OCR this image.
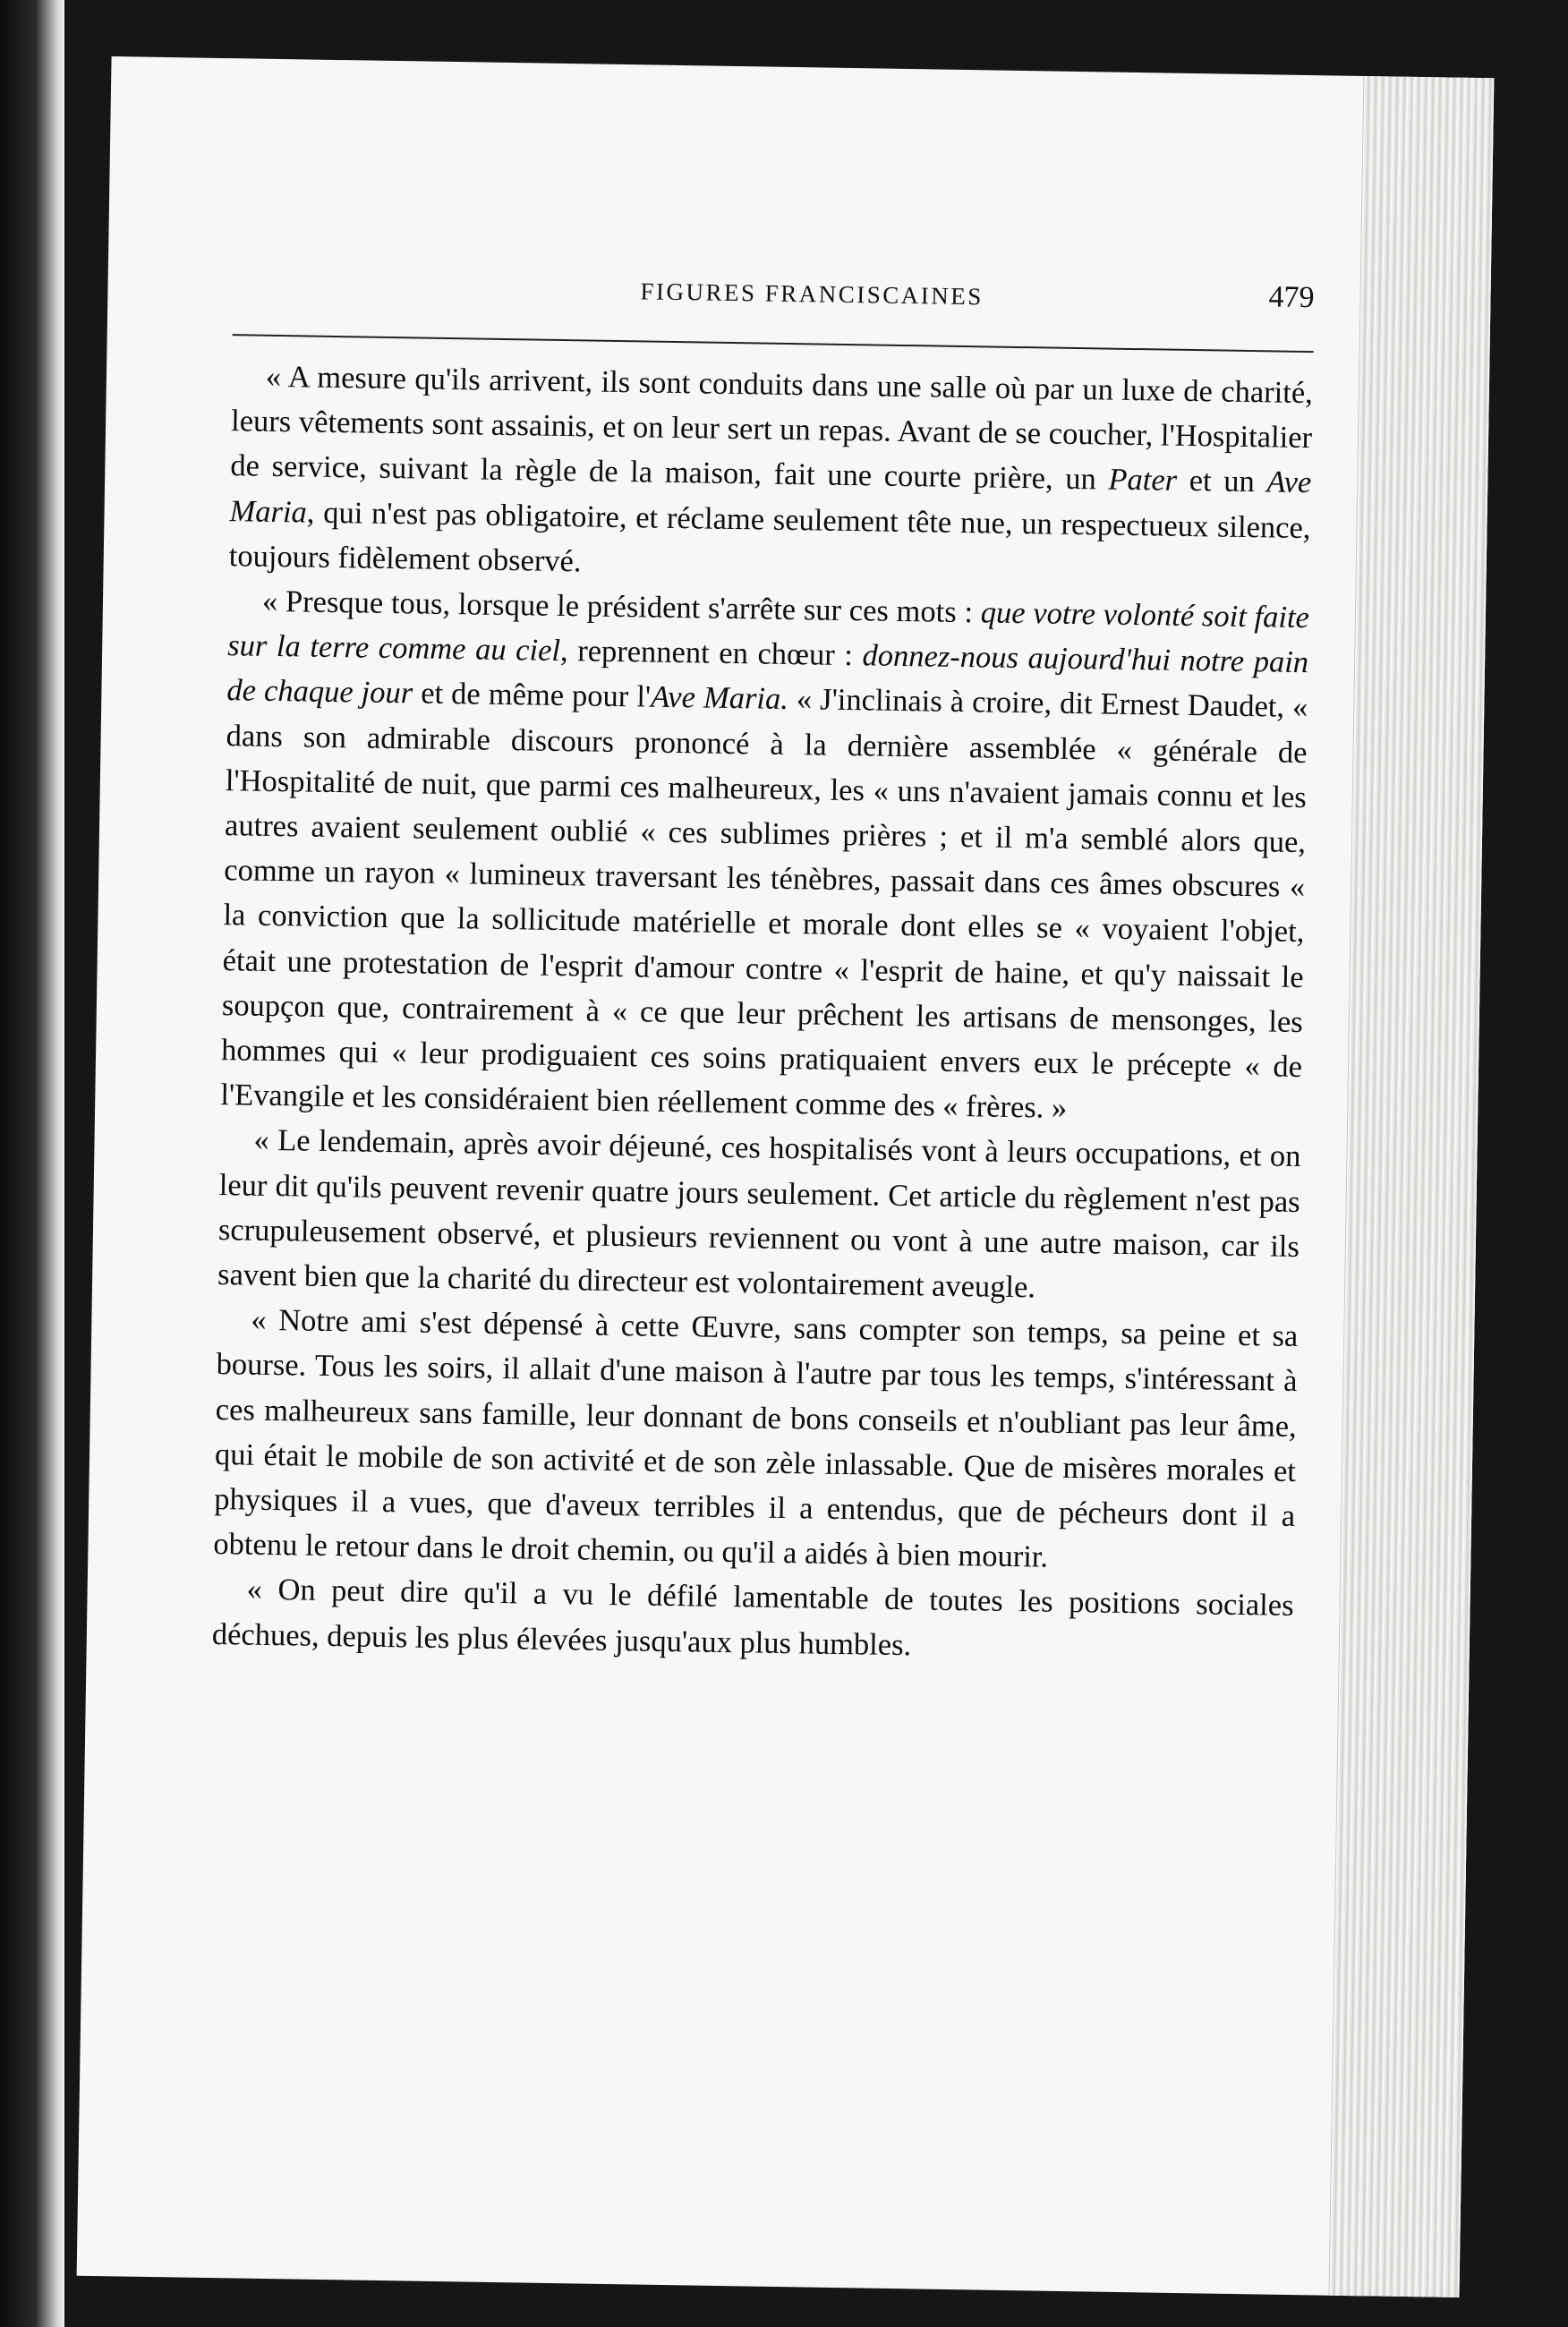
FIGURES FRANCISCAINES	479

« A mesure qu'ils arrivent, ils sont conduits dans une salle où par un luxe de charité, leurs vêtements sont assainis, et on leur sert un repas. Avant de se coucher, l'Hospitalier de service, suivant la règle de la maison, fait une courte prière, un Pater et un Ave Maria, qui n'est pas obligatoire, et réclame seulement tête nue, un respectueux silence, toujours fidèlement observé.

« Presque tous, lorsque le président s'arrête sur ces mots : que votre volonté soit faite sur la terre comme au ciel, reprennent en chœur : donnez-nous aujourd'hui notre pain de chaque jour et de même pour l'Ave Maria. « J'inclinais à croire, dit Ernest Daudet, « dans son admirable discours prononcé à la dernière assemblée « générale de l'Hospitalité de nuit, que parmi ces malheureux, les « uns n'avaient jamais connu et les autres avaient seulement oublié « ces sublimes prières ; et il m'a semblé alors que, comme un rayon « lumineux traversant les ténèbres, passait dans ces âmes obscures « la conviction que la sollicitude matérielle et morale dont elles se « voyaient l'objet, était une protestation de l'esprit d'amour contre « l'esprit de haine, et qu'y naissait le soupçon que, contrairement à « ce que leur prêchent les artisans de mensonges, les hommes qui « leur prodiguaient ces soins pratiquaient envers eux le précepte « de l'Evangile et les considéraient bien réellement comme des « frères. »

« Le lendemain, après avoir déjeuné, ces hospitalisés vont à leurs occupations, et on leur dit qu'ils peuvent revenir quatre jours seulement. Cet article du règlement n'est pas scrupuleusement observé, et plusieurs reviennent ou vont à une autre maison, car ils savent bien que la charité du directeur est volontairement aveugle.

« Notre ami s'est dépensé à cette Œuvre, sans compter son temps, sa peine et sa bourse. Tous les soirs, il allait d'une maison à l'autre par tous les temps, s'intéressant à ces malheureux sans famille, leur donnant de bons conseils et n'oubliant pas leur âme, qui était le mobile de son activité et de son zèle inlassable. Que de misères morales et physiques il a vues, que d'aveux terribles il a entendus, que de pécheurs dont il a obtenu le retour dans le droit chemin, ou qu'il a aidés à bien mourir.

« On peut dire qu'il a vu le défilé lamentable de toutes les positions sociales déchues, depuis les plus élevées jusqu'aux plus humbles.
